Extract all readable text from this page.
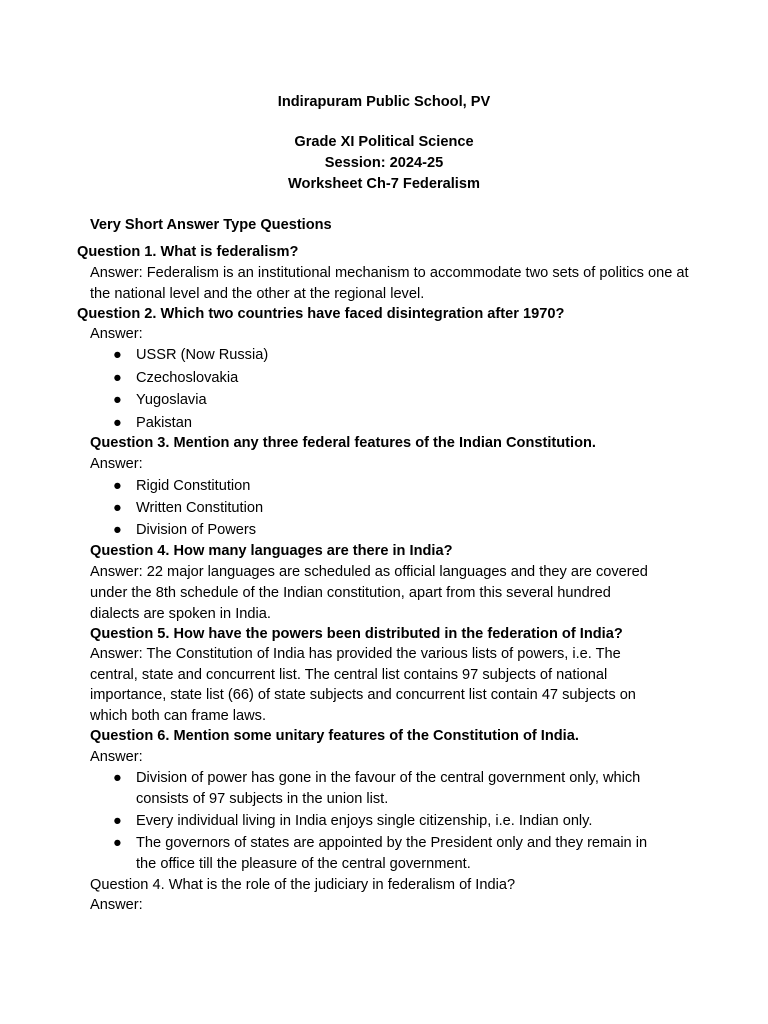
Indirapuram Public School, PV
Grade XI Political Science
Session: 2024-25
Worksheet Ch-7 Federalism
Very Short Answer Type Questions
Question 1. What is federalism?
Answer: Federalism is an institutional mechanism to accommodate two sets of politics one at
the national level and the other at the regional level.
Question 2. Which two countries have faced disintegration after 1970?
Answer:
● USSR (Now Russia)
● Czechoslovakia
● Yugoslavia
● Pakistan
Question 3. Mention any three federal features of the Indian Constitution.
Answer:
● Rigid Constitution
● Written Constitution
● Division of Powers
Question 4. How many languages are there in India?
Answer: 22 major languages are scheduled as official languages and they are covered
under the 8th schedule of the Indian constitution, apart from this several hundred
dialects are spoken in India.
Question 5. How have the powers been distributed in the federation of India?
Answer: The Constitution of India has provided the various lists of powers, i.e. The
central, state and concurrent list. The central list contains 97 subjects of national
importance, state list (66) of state subjects and concurrent list contain 47 subjects on
which both can frame laws.
Question 6. Mention some unitary features of the Constitution of India.
Answer:
● Division of power has gone in the favour of the central government only, which
consists of 97 subjects in the union list.
● Every individual living in India enjoys single citizenship, i.e. Indian only.
● The governors of states are appointed by the President only and they remain in
the office till the pleasure of the central government.
Question 4. What is the role of the judiciary in federalism of India?
Answer:
